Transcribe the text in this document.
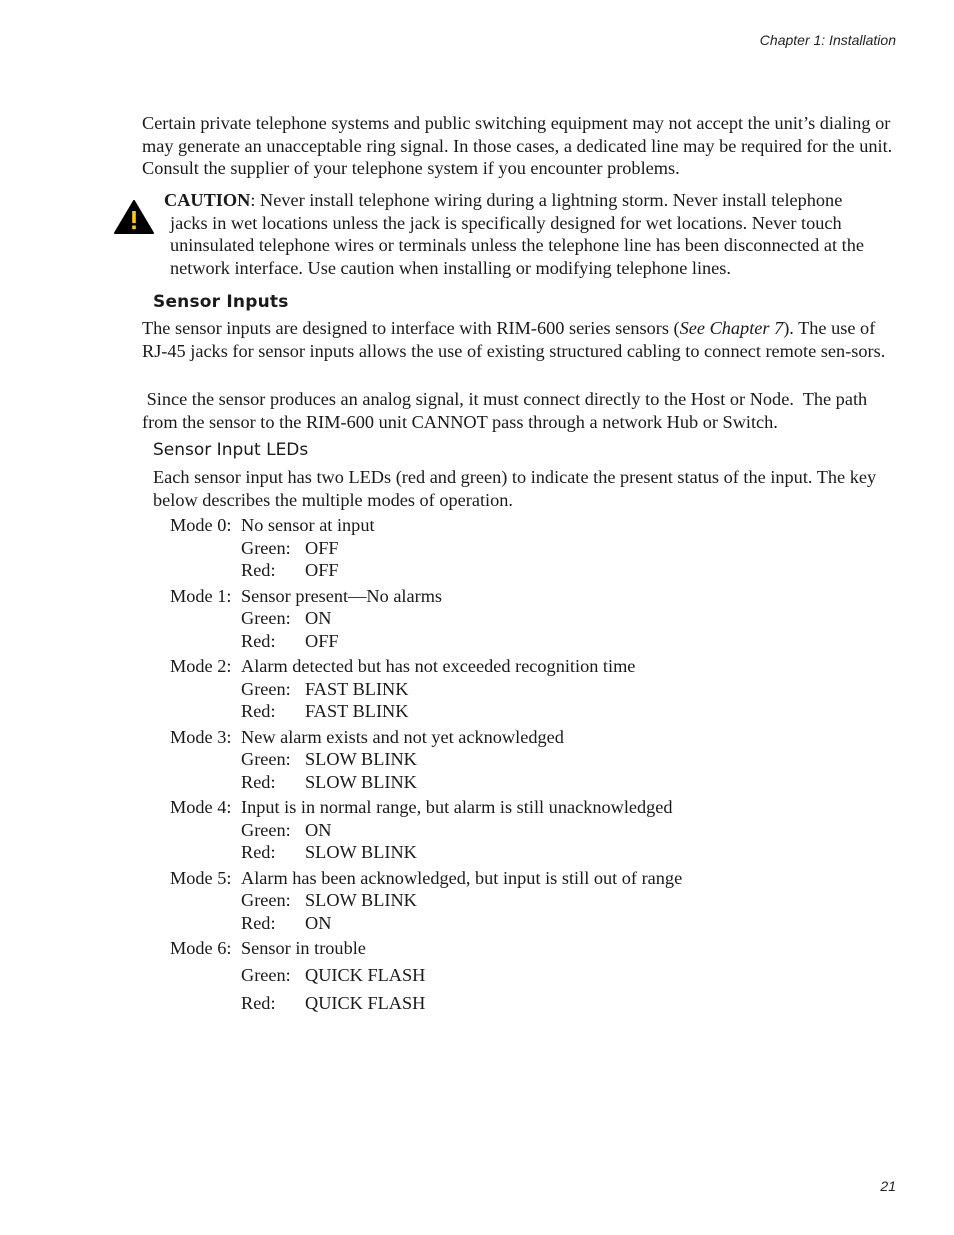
Chapter 1: Installation

Certain private telephone systems and public switching equipment may not accept the unit’s dialing or may generate an unacceptable ring signal. In those cases, a dedicated line may be required for the unit. Consult the supplier of your telephone system if you encounter problems.

CAUTION: Never install telephone wiring during a lightning storm. Never install telephone
jacks in wet locations unless the jack is specifically designed for wet locations. Never touch uninsulated telephone wires or terminals unless the telephone line has been disconnected at the network interface. Use caution when installing or modifying telephone lines.
Sensor Inputs

The sensor inputs are designed to interface with RIM-600 series sensors (See Chapter 7). The use of RJ-45 jacks for sensor inputs allows the use of existing structured cabling to connect remote sen-sors.

Since the sensor produces an analog signal, it must connect directly to the Host or Node.  The path from the sensor to the RIM-600 unit CANNOT pass through a network Hub or Switch.

Sensor Input LEDs

Each sensor input has two LEDs (red and green) to indicate the present status of the input. The key below describes the multiple modes of operation.

Mode 0: No sensor at input
Green: OFF
Red:	OFF
Mode 1: Sensor present—No alarms
Green: ON
Red:	OFF
Mode 2: Alarm detected but has not exceeded recognition time
Green: FAST BLINK
Red:	FAST BLINK
Mode 3: New alarm exists and not yet acknowledged
Green: SLOW BLINK
Red:	SLOW BLINK
Mode 4: Input is in normal range, but alarm is still unacknowledged
Green: ON
Red:	SLOW BLINK
Mode 5: Alarm has been acknowledged, but input is still out of range
Green: SLOW BLINK
Red:	ON
Mode 6: Sensor in trouble
Green: QUICK FLASH
Red:	QUICK FLASH
21
